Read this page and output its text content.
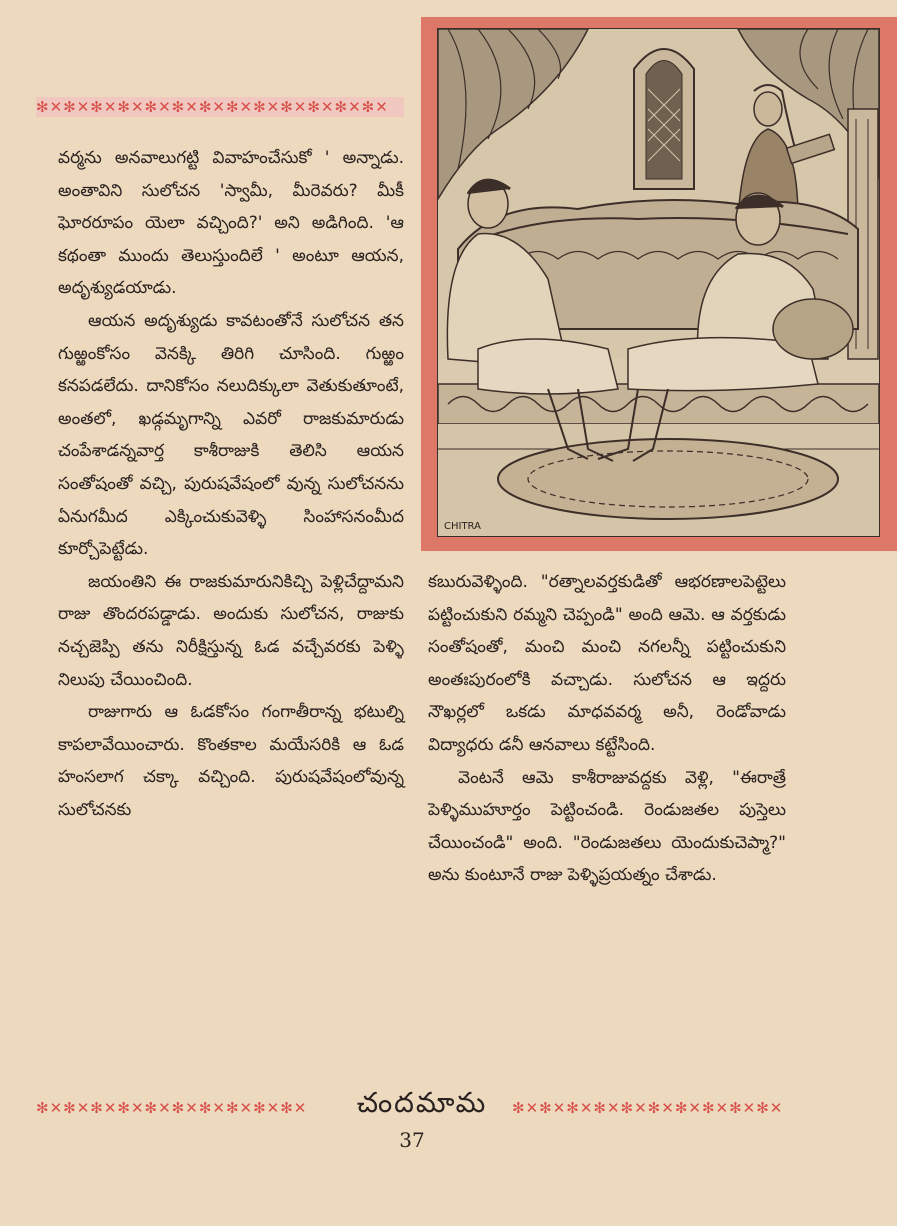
✻✕✻✕✻✕✻✕✻✕✻✕✻✕✻✕✻✕✻✕✻✕✻✕✻✕

వర్మను అనవాలుగట్టి వివాహంచేసుకో ' అన్నాడు. అంతావిని సులోచన 'స్వామీ, మీరెవరు? మీకీ ఘోరరూపం యెలా వచ్చింది?' అని అడిగింది. 'ఆ కథంతా ముందు తెలుస్తుందిలే ' అంటూ ఆయన, అదృశ్యుడయాడు.

ఆయన అదృశ్యుడు కావటంతోనే సులోచన తన గుఱ్ఱంకోసం వెనక్కి తిరిగి చూసింది. గుఱ్ఱం కనపడలేదు. దానికోసం నలుదిక్కులా వెతుకుతూంటే, అంతలో, ఖడ్గమృగాన్ని ఎవరో రాజకుమారుడు చంపేశాడన్నవార్త కాశీరాజుకి తెలిసి ఆయన సంతోషంతో వచ్చి, పురుషవేషంలో వున్న సులోచనను ఏనుగమీద ఎక్కించుకువెళ్ళి సింహాసనంమీద కూర్చోపెట్టేడు.

జయంతిని ఈ రాజకుమారునికిచ్చి పెళ్లిచేద్దామని రాజు తొందరపడ్డాడు. అందుకు సులోచన, రాజుకు నచ్చజెప్పి తను నిరీక్షిస్తున్న ఓడ వచ్చేవరకు పెళ్ళి నిలుపు చేయించింది.

రాజుగారు ఆ ఓడకోసం గంగాతీరాన్న భటుల్ని కాపలావేయించారు. కొంతకాల మయేసరికి ఆ ఓడ హంసలాగ చక్కా వచ్చింది. పురుషవేషంలోవున్న సులోచనకు

CHITRA

కబురువెళ్ళింది. "రత్నాలవర్తకుడితో ఆభరణాలపెట్టెలు పట్టించుకుని రమ్మని చెప్పండి" అంది ఆమె. ఆ వర్తకుడు సంతోషంతో, మంచి మంచి నగలన్నీ పట్టించుకుని అంతఃపురంలోకి వచ్చాడు. సులోచన ఆ ఇద్దరు నౌఖర్లలో ఒకడు మాధవవర్మ అనీ, రెండోవాడు విద్యాధరు డనీ ఆనవాలు కట్టేసింది.

వెంటనే ఆమె కాశీరాజువద్దకు వెళ్లి, "ఈరాత్రే పెళ్ళిముహూర్తం పెట్టించండి. రెండుజతల పుస్తెలు చేయించండి" అంది. "రెండుజతలు యెందుకుచెప్మా?" అను కుంటూనే రాజు పెళ్ళిప్రయత్నం చేశాడు.

✻✕✻✕✻✕✻✕✻✕✻✕✻✕✻✕✻✕✻✕	చందమామ	✻✕✻✕✻✕✻✕✻✕✻✕✻✕✻✕✻✕✻✕
37
